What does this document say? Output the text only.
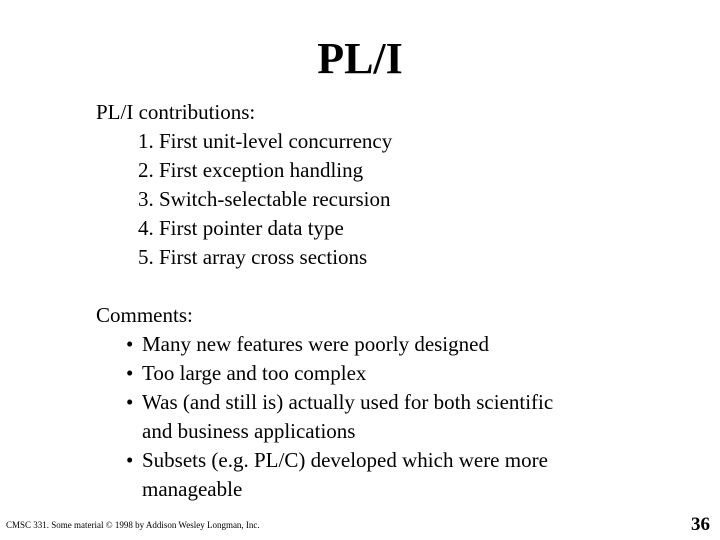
PL/I
PL/I contributions:
1. First unit-level concurrency
2. First exception handling
3. Switch-selectable recursion
4. First pointer data type
5. First array cross sections
Comments:
• Many new features were poorly designed
• Too large and too complex
• Was (and still is) actually used for both scientific
and business applications
• Subsets (e.g. PL/C) developed which were more
manageable
CMSC 331. Some material © 1998 by Addison Wesley Longman, Inc.	36
